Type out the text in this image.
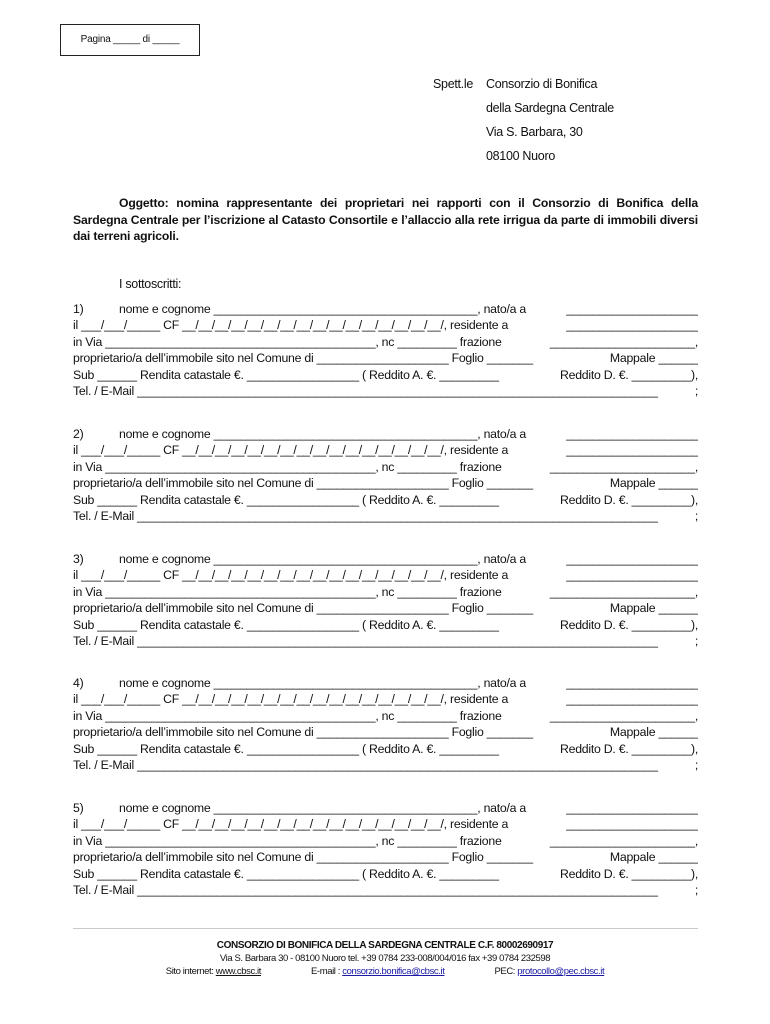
Pagina _____ di _____
Spett.le	Consorzio di Bonifica
della Sardegna Centrale
Via S. Barbara, 30
08100 Nuoro
Oggetto: nomina rappresentante dei proprietari nei rapporti con il Consorzio di Bonifica della Sardegna Centrale per l’iscrizione al Catasto Consortile e l’allaccio alla rete irrigua da parte di immobili diversi dai terreni agricoli.
I sottoscritti:
1)	nome e cognome ________________________________________, nato/a a	____________________
il ___/___/_____ CF __/__/__/__/__/__/__/__/__/__/__/__/__/__/__/__/, residente a	____________________
in Via _________________________________________, nc _________ frazione	______________________,
proprietario/a dell’immobile sito nel Comune di ____________________ Foglio _______	Mappale ______
Sub ______ Rendita catastale €. _________________ ( Reddito A. €. _________	Reddito D. €. _________),
Tel. / E-Mail _______________________________________________________________________________	;
2)	nome e cognome ________________________________________, nato/a a	____________________
il ___/___/_____ CF __/__/__/__/__/__/__/__/__/__/__/__/__/__/__/__/, residente a	____________________
in Via _________________________________________, nc _________ frazione	______________________,
proprietario/a dell’immobile sito nel Comune di ____________________ Foglio _______	Mappale ______
Sub ______ Rendita catastale €. _________________ ( Reddito A. €. _________	Reddito D. €. _________),
Tel. / E-Mail _______________________________________________________________________________	;
3)	nome e cognome ________________________________________, nato/a a	____________________
il ___/___/_____ CF __/__/__/__/__/__/__/__/__/__/__/__/__/__/__/__/, residente a	____________________
in Via _________________________________________, nc _________ frazione	______________________,
proprietario/a dell’immobile sito nel Comune di ____________________ Foglio _______	Mappale ______
Sub ______ Rendita catastale €. _________________ ( Reddito A. €. _________	Reddito D. €. _________),
Tel. / E-Mail _______________________________________________________________________________	;
4)	nome e cognome ________________________________________, nato/a a	____________________
il ___/___/_____ CF __/__/__/__/__/__/__/__/__/__/__/__/__/__/__/__/, residente a	____________________
in Via _________________________________________, nc _________ frazione	______________________,
proprietario/a dell’immobile sito nel Comune di ____________________ Foglio _______	Mappale ______
Sub ______ Rendita catastale €. _________________ ( Reddito A. €. _________	Reddito D. €. _________),
Tel. / E-Mail _______________________________________________________________________________	;
5)	nome e cognome ________________________________________, nato/a a	____________________
il ___/___/_____ CF __/__/__/__/__/__/__/__/__/__/__/__/__/__/__/__/, residente a	____________________
in Via _________________________________________, nc _________ frazione	______________________,
proprietario/a dell’immobile sito nel Comune di ____________________ Foglio _______	Mappale ______
Sub ______ Rendita catastale €. _________________ ( Reddito A. €. _________	Reddito D. €. _________),
Tel. / E-Mail _______________________________________________________________________________	;
CONSORZIO DI BONIFICA DELLA SARDEGNA CENTRALE C.F. 80002690917
Via S. Barbara 30 - 08100 Nuoro tel. +39 0784 233-008/004/016 fax +39 0784 232598
Sito internet: www.cbsc.it	E-mail : consorzio.bonifica@cbsc.it	PEC: protocollo@pec.cbsc.it
